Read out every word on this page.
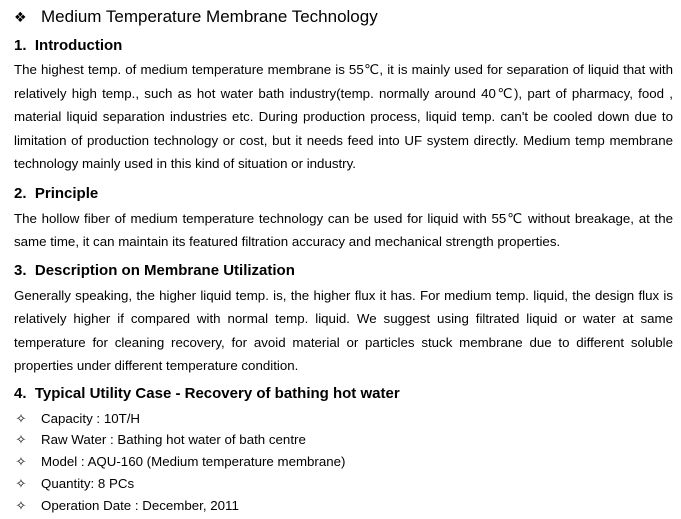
❖ Medium Temperature Membrane Technology
1. Introduction

The highest temp. of medium temperature membrane is 55℃, it is mainly used for separation of liquid that with relatively high temp., such as hot water bath industry(temp. normally around 40℃), part of pharmacy, food , material liquid separation industries etc. During production process, liquid temp. can't be cooled down due to limitation of production technology or cost, but it needs feed into UF system directly. Medium temp membrane technology mainly used in this kind of situation or industry.

2. Principle

The hollow fiber of medium temperature technology can be used for liquid with 55℃ without breakage, at the same time, it can maintain its featured filtration accuracy and mechanical strength properties.

3. Description on Membrane Utilization

Generally speaking, the higher liquid temp. is, the higher flux it has. For medium temp. liquid, the design flux is relatively higher if compared with normal temp. liquid. We suggest using filtrated liquid or water at same temperature for cleaning recovery, for avoid material or particles stuck membrane due to different soluble properties under different temperature condition.

4. Typical Utility Case - Recovery of bathing hot water
✧ Capacity : 10T/H
✧ Raw Water : Bathing hot water of bath centre
✧ Model : AQU-160 (Medium temperature membrane)
✧ Quantity: 8 PCs
✧ Operation Date : December, 2011
